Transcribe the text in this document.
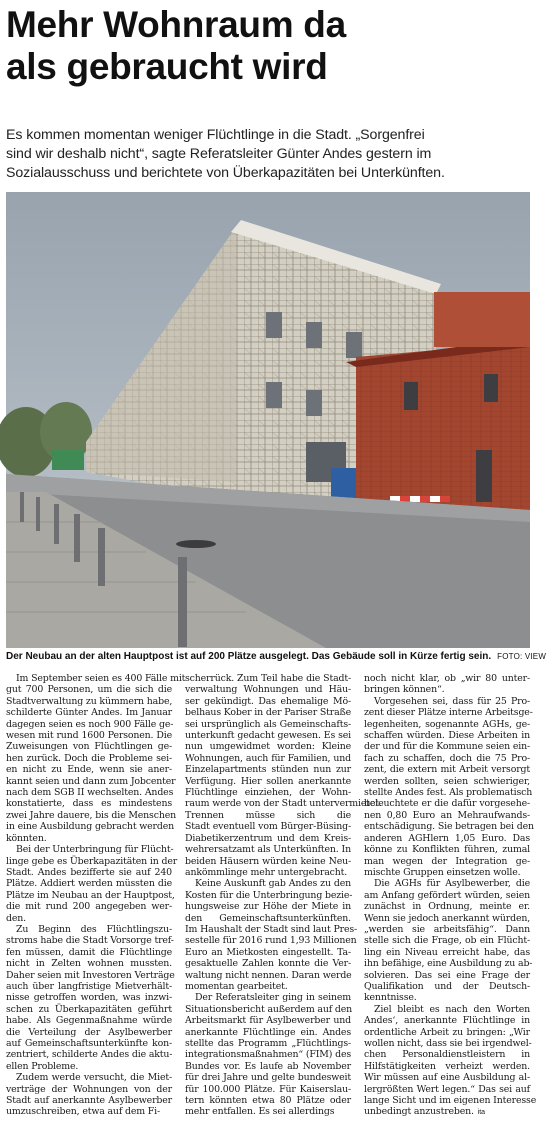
Mehr Wohnraum da
als gebraucht wird
Es kommen momentan weniger Flüchtlinge in die Stadt. „Sorgenfrei
sind wir deshalb nicht“, sagte Referatsleiter Günter Andes gestern im
Sozialausschuss und berichtete von Überkapazitäten bei Unterkünften.
Der Neubau an der alten Hauptpost ist auf 200 Plätze ausgelegt. Das Gebäude soll in Kürze fertig sein. FOTO: VIEW

Im September seien es 400 Fälle mit
gut 700 Personen, um die sich die
Stadtverwaltung zu kümmern habe,
schilderte Günter Andes. Im Januar
dagegen seien es noch 900 Fälle ge-
wesen mit rund 1600 Personen. Die
Zuweisungen von Flüchtlingen ge-
hen zurück. Doch die Probleme sei-
en nicht zu Ende, wenn sie aner-
kannt seien und dann zum Jobcenter
nach dem SGB II wechselten. Andes
konstatierte, dass es mindestens
zwei Jahre dauere, bis die Menschen
in eine Ausbildung gebracht werden
könnten.

Bei der Unterbringung für Flücht-
linge gebe es Überkapazitäten in der
Stadt. Andes bezifferte sie auf 240
Plätze. Addiert werden müssten die
Plätze im Neubau an der Hauptpost,
die mit rund 200 angegeben wer-
den.

Zu Beginn des Flüchtlingszu-
stroms habe die Stadt Vorsorge tref-
fen müssen, damit die Flüchtlinge
nicht in Zelten wohnen mussten.
Daher seien mit Investoren Verträge
auch über langfristige Mietverhält-
nisse getroffen worden, was inzwi-
schen zu Überkapazitäten geführt
habe. Als Gegenmaßnahme würde
die Verteilung der Asylbewerber
auf Gemeinschaftsunterkünfte kon-
zentriert, schilderte Andes die aktu-
ellen Probleme.

Zudem werde versucht, die Miet-
verträge der Wohnungen von der
Stadt auf anerkannte Asylbewerber
umzuschreiben, etwa auf dem Fi-

scherrück. Zum Teil habe die Stadt-
verwaltung Wohnungen und Häu-
ser gekündigt. Das ehemalige Mö-
belhaus Kober in der Pariser Straße
sei ursprünglich als Gemeinschafts-
unterkunft gedacht gewesen. Es sei
nun umgewidmet worden: Kleine
Wohnungen, auch für Familien, und
Einzelapartments stünden nun zur
Verfügung. Hier sollen anerkannte
Flüchtlinge einziehen, der Wohn-
raum werde von der Stadt untervermietet.
Trennen müsse sich die
Stadt eventuell vom Bürger-Büsing-
Diabetikerzentrum und dem Kreis-
wehrersatzamt als Unterkünften. In
beiden Häusern würden keine Neu-
ankömmlinge mehr untergebracht.

Keine Auskunft gab Andes zu den
Kosten für die Unterbringung bezie-
hungsweise zur Höhe der Miete in
den Gemeinschaftsunterkünften.
Im Haushalt der Stadt sind laut Pres-
sestelle für 2016 rund 1,93 Millionen
Euro an Mietkosten eingestellt. Ta-
gesaktuelle Zahlen konnte die Ver-
waltung nicht nennen. Daran werde
momentan gearbeitet.

Der Referatsleiter ging in seinem
Situationsbericht außerdem auf den
Arbeitsmarkt für Asylbewerber und
anerkannte Flüchtlinge ein. Andes
stellte das Programm „Flüchtlings-
integrationsmaßnahmen“ (FIM) des
Bundes vor. Es laufe ab November
für drei Jahre und gelte bundesweit
für 100.000 Plätze. Für Kaiserslau-
tern könnten etwa 80 Plätze oder
mehr entfallen. Es sei allerdings

noch nicht klar, ob „wir 80 unter-
bringen können“.

Vorgesehen sei, dass für 25 Pro-
zent dieser Plätze interne Arbeitsge-
legenheiten, sogenannte AGHs, ge-
schaffen würden. Diese Arbeiten in
der und für die Kommune seien ein-
fach zu schaffen, doch die 75 Pro-
zent, die extern mit Arbeit versorgt
werden sollten, seien schwieriger,
stellte Andes fest. Als problematisch
beleuchtete er die dafür vorgesehe-
nen 0,80 Euro an Mehraufwands-
entschädigung. Sie betragen bei den
anderen AGHlern 1,05 Euro. Das
könne zu Konflikten führen, zumal
man wegen der Integration ge-
mischte Gruppen einsetzen wolle.

Die AGHs für Asylbewerber, die
am Anfang gefördert würden, seien
zunächst in Ordnung, meinte er.
Wenn sie jedoch anerkannt würden,
„werden sie arbeitsfähig“. Dann
stelle sich die Frage, ob ein Flücht-
ling ein Niveau erreicht habe, das
ihn befähige, eine Ausbildung zu ab-
solvieren. Das sei eine Frage der
Qualifikation und der Deutsch-
kenntnisse.

Ziel bleibt es nach den Worten
Andes‘, anerkannte Flüchtlinge in
ordentliche Arbeit zu bringen: „Wir
wollen nicht, dass sie bei irgendwel-
chen Personaldienstleistern in
Hilfstätigkeiten verheizt werden.
Wir müssen auf eine Ausbildung al-
lergrößten Wert legen.“ Das sei auf
lange Sicht und im eigenen Interesse
unbedingt anzustreben. ita
